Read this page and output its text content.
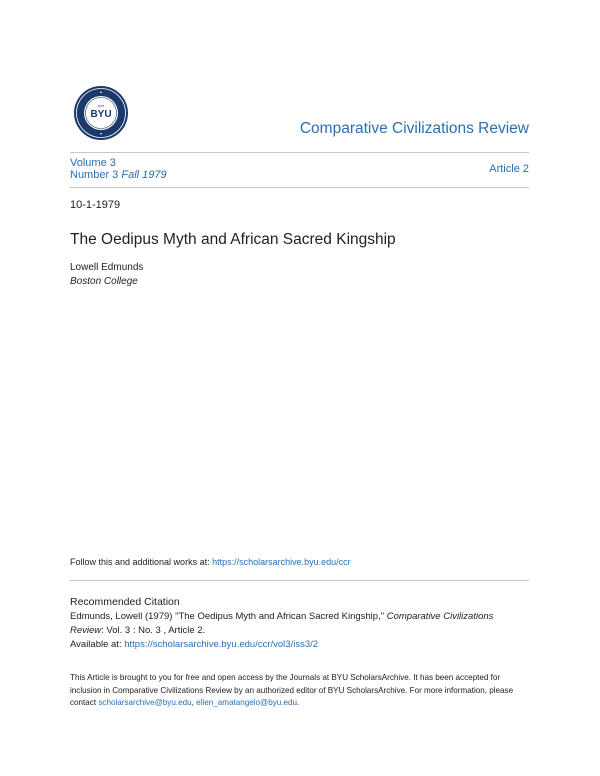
BYU
1875
Comparative Civilizations Review
Volume 3
Number 3 Fall 1979	Article 2
10-1-1979
The Oedipus Myth and African Sacred Kingship
Lowell Edmunds
Boston College
Follow this and additional works at: https://scholarsarchive.byu.edu/ccr
Recommended Citation
Edmunds, Lowell (1979) "The Oedipus Myth and African Sacred Kingship," Comparative Civilizations
Review: Vol. 3 : No. 3 , Article 2.
Available at: https://scholarsarchive.byu.edu/ccr/vol3/iss3/2
This Article is brought to you for free and open access by the Journals at BYU ScholarsArchive. It has been accepted for inclusion in Comparative Civilizations Review by an authorized editor of BYU ScholarsArchive. For more information, please contact scholarsarchive@byu.edu, ellen_amatangelo@byu.edu.
